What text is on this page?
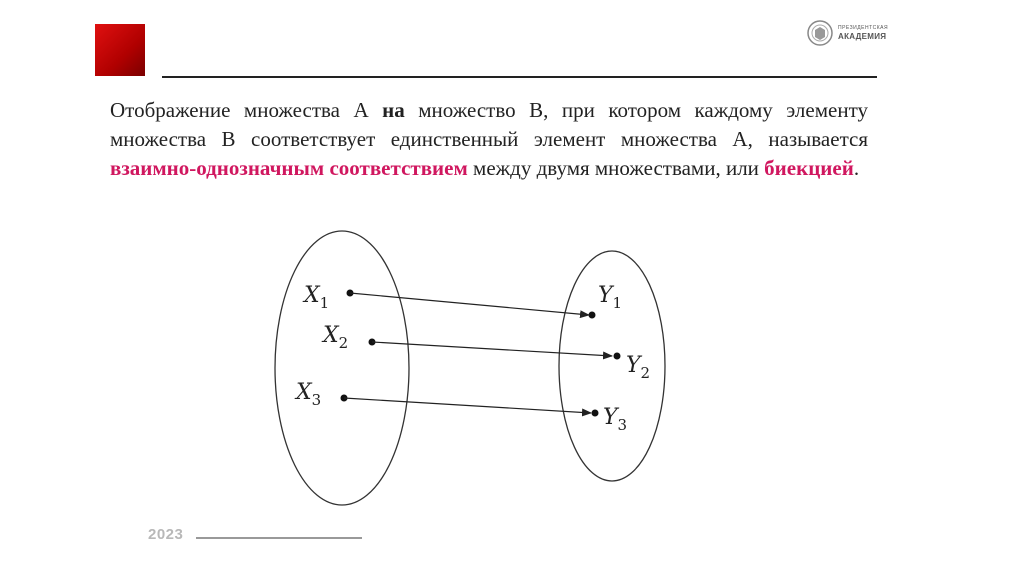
ПРЕЗИДЕНТСКАЯ
АКАДЕМИЯ
Отображение множества А на множество В, при котором каждому элементу множества В соответствует единственный элемент множества А, называется взаимно-однозначным соответствием между двумя множествами, или биекцией.
$X_1$
$X_2$
$X_3$
$Y_1$
$Y_2$
$Y_3$
2023
